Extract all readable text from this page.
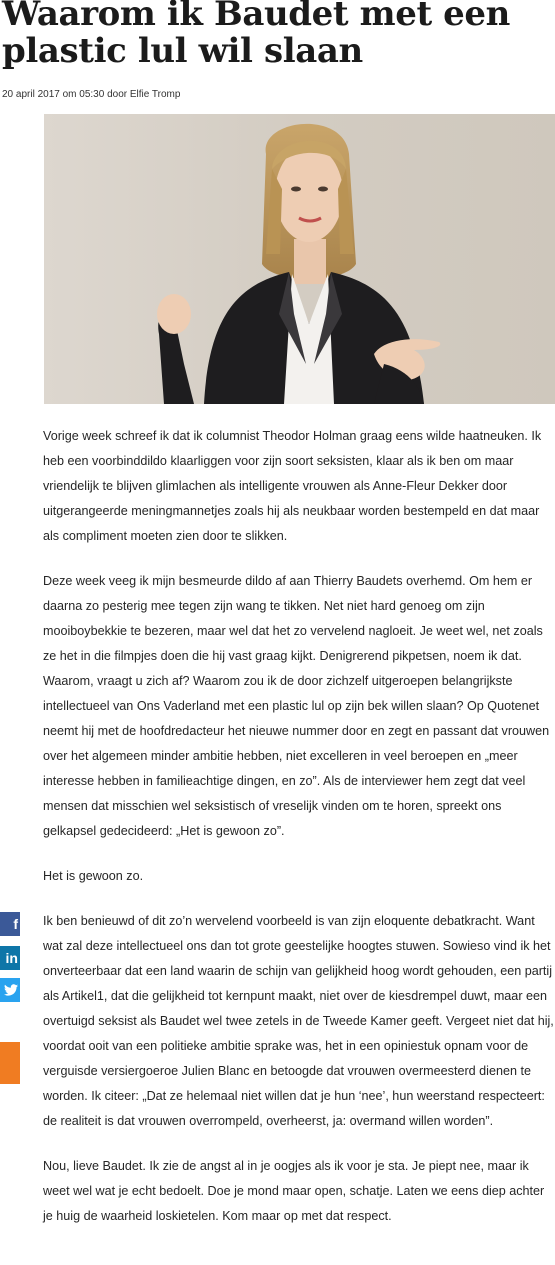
Waarom ik Baudet met een plastic lul wil slaan
20 april 2017 om 05:30 door Elfie Tromp

Vorige week schreef ik dat ik columnist Theodor Holman graag eens wilde haatneuken. Ik heb een voorbinddildo klaarliggen voor zijn soort seksisten, klaar als ik ben om maar vriendelijk te blijven glimlachen als intelligente vrouwen als Anne-Fleur Dekker door uitgerangeerde meningmannetjes zoals hij als neukbaar worden bestempeld en dat maar als compliment moeten zien door te slikken.

Deze week veeg ik mijn besmeurde dildo af aan Thierry Baudets overhemd. Om hem er daarna zo pesterig mee tegen zijn wang te tikken. Net niet hard genoeg om zijn mooiboybekkie te bezeren, maar wel dat het zo vervelend nagloeit. Je weet wel, net zoals ze het in die filmpjes doen die hij vast graag kijkt. Denigrerend pikpetsen, noem ik dat. Waarom, vraagt u zich af? Waarom zou ik de door zichzelf uitgeroepen belangrijkste intellectueel van Ons Vaderland met een plastic lul op zijn bek willen slaan? Op Quotenet neemt hij met de hoofdredacteur het nieuwe nummer door en zegt en passant dat vrouwen over het algemeen minder ambitie hebben, niet excelleren in veel beroepen en „meer interesse hebben in familieachtige dingen, en zo”. Als de interviewer hem zegt dat veel mensen dat misschien wel seksistisch of vreselijk vinden om te horen, spreekt ons gelkapsel gedecideerd: „Het is gewoon zo”.

Het is gewoon zo.

Ik ben benieuwd of dit zo’n wervelend voorbeeld is van zijn eloquente debatkracht. Want wat zal deze intellectueel ons dan tot grote geestelijke hoogtes stuwen. Sowieso vind ik het onverteerbaar dat een land waarin de schijn van gelijkheid hoog wordt gehouden, een partij als Artikel1, dat die gelijkheid tot kernpunt maakt, niet over de kiesdrempel duwt, maar een overtuigd seksist als Baudet wel twee zetels in de Tweede Kamer geeft. Vergeet niet dat hij, voordat ooit van een politieke ambitie sprake was, het in een opiniestuk opnam voor de verguisde versiergoeroe Julien Blanc en betoogde dat vrouwen overmeesterd dienen te worden. Ik citeer: „Dat ze helemaal niet willen dat je hun ‘nee’, hun weerstand respecteert: de realiteit is dat vrouwen overrompeld, overheerst, ja: overmand willen worden”.

Nou, lieve Baudet. Ik zie de angst al in je oogjes als ik voor je sta. Je piept nee, maar ik weet wel wat je echt bedoelt. Doe je mond maar open, schatje. Laten we eens diep achter je huig de waarheid loskietelen. Kom maar op met dat respect.

f
in
